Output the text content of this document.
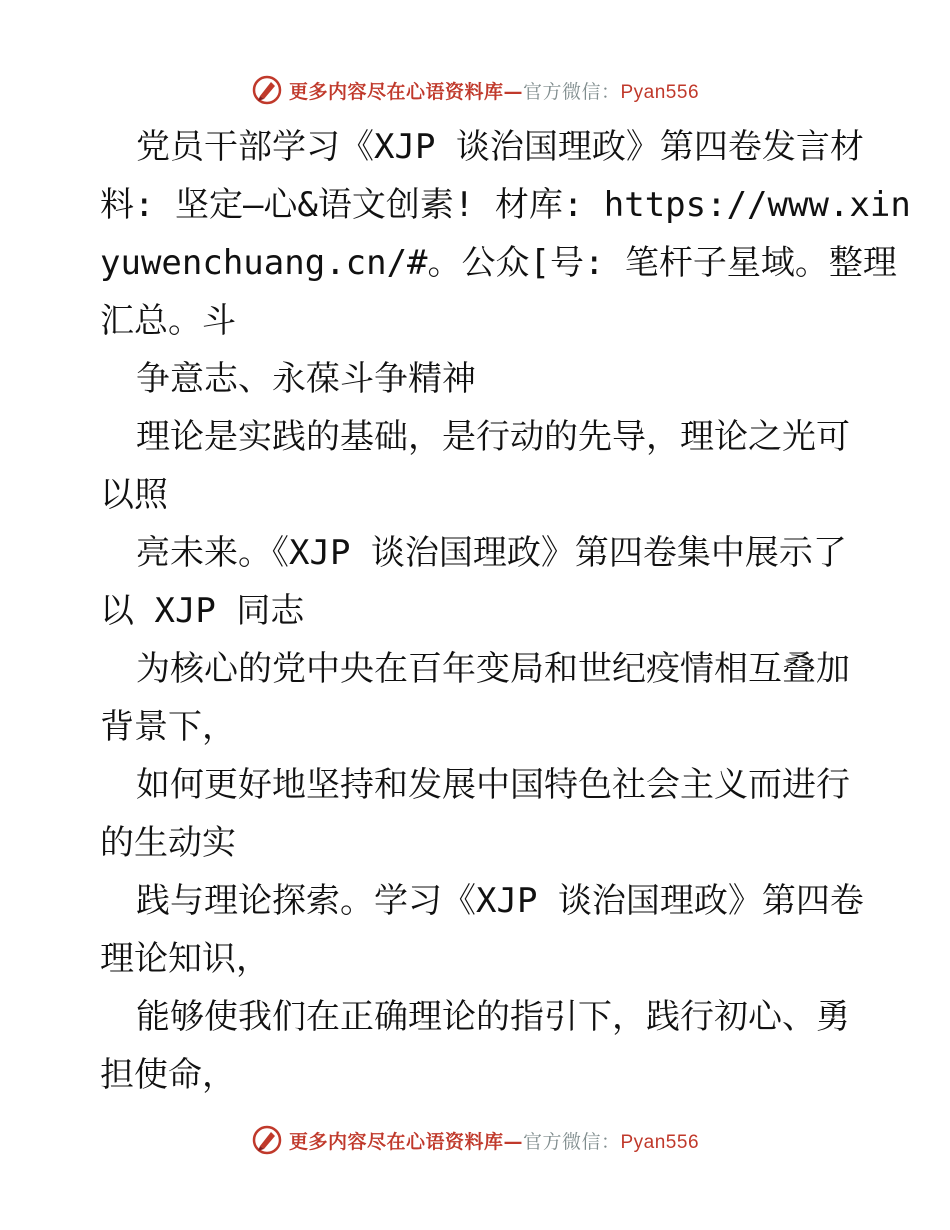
更多内容尽在心语资料库—官方微信：Pyan556
党员干部学习《XJP 谈治国理政》第四卷发言材
料: 坚定—心&语文创素! 材库: https://www.xin
yuwenchuang.cn/#。公众[号: 笔杆子星域。整理
汇总。斗
争意志、永葆斗争精神
理论是实践的基础，是行动的先导，理论之光可
以照
亮未来。《XJP 谈治国理政》第四卷集中展示了
以 XJP 同志
为核心的党中央在百年变局和世纪疫情相互叠加
背景下，
如何更好地坚持和发展中国特色社会主义而进行
的生动实
践与理论探索。学习《XJP 谈治国理政》第四卷
理论知识，
能够使我们在正确理论的指引下，践行初心、勇
担使命，
更多内容尽在心语资料库—官方微信：Pyan556
